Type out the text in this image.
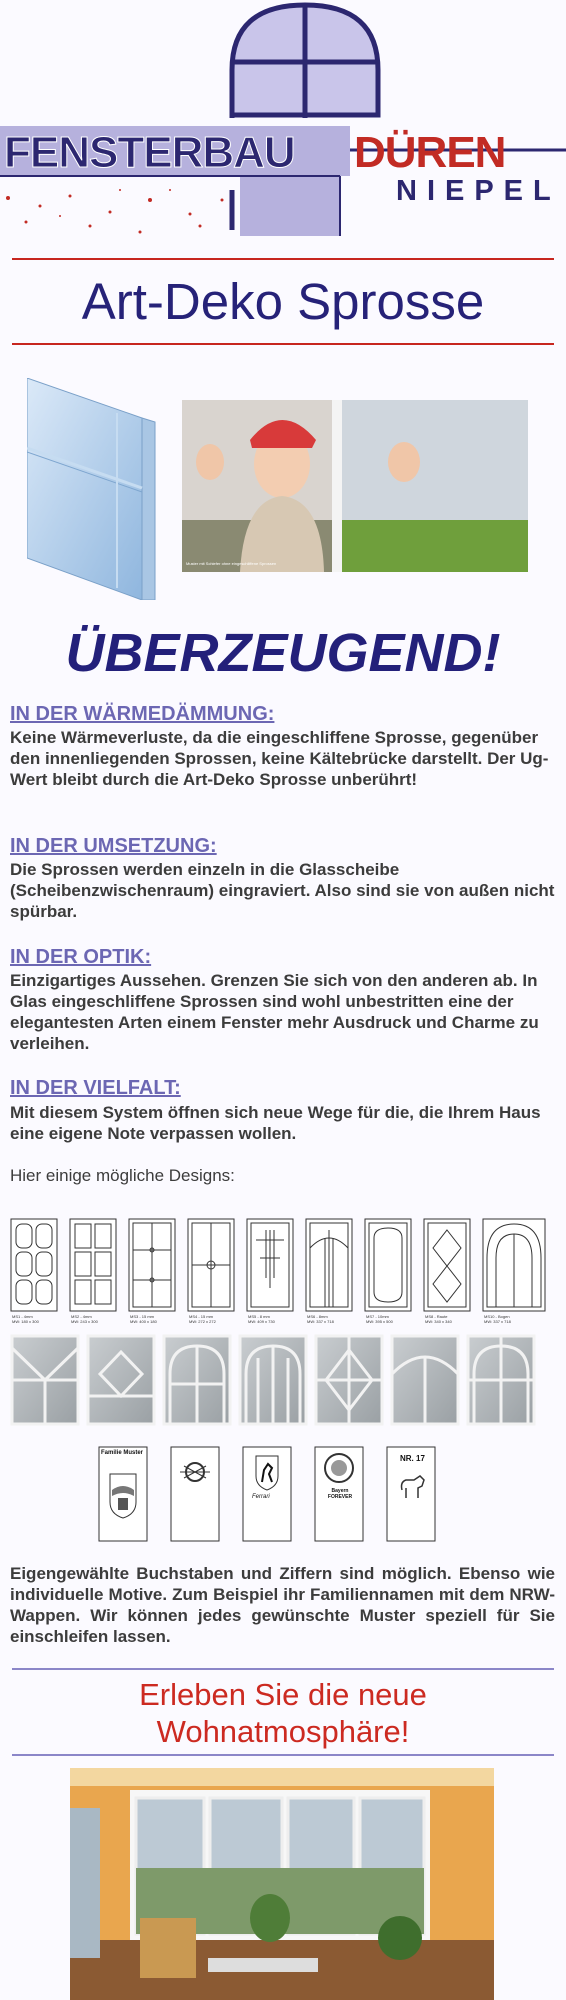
FENSTERBAU DÜREN
NIEPEL
Art-Deko Sprosse
Muster mit Schiefer ohne eingeschliffene Sprossen
ÜBERZEUGEND!
IN DER WÄRMEDÄMMUNG:

Keine Wärmeverluste, da die eingeschliffene Sprosse, gegenüber den innenliegenden Sprossen, keine Kältebrücke darstellt. Der Ug-Wert bleibt durch die Art-Deko Sprosse unberührt!

IN DER UMSETZUNG:

Die Sprossen werden einzeln in die Glasscheibe (Scheibenzwischenraum) eingraviert. Also sind sie von außen nicht spürbar.

IN DER OPTIK:

Einzigartiges Aussehen. Grenzen Sie sich von den anderen ab. In Glas eingeschliffene Sprossen sind wohl unbestritten eine der elegantesten Arten einem Fenster mehr Ausdruck und Charme zu verleihen.

IN DER VIELFALT:

Mit diesem System öffnen sich neue Wege für die, die Ihrem Haus eine eigene Note verpassen wollen.

Hier einige mögliche Designs:
MS1 - 4mm
MW: 180 x 300
MS2 - 4mm
MW: 243 x 300
MS3 - 15 mm
MW: 400 x 180
MS4 - 15 mm
MW: 272 x 272
MS5 - 8 mm
MW: 409 x 730
MS6 - 8mm
MW: 337 x 718
MS7 - 10mm
MW: 395 x 500
MS8 - Raute
MW: 340 x 340
MS10 - Bogen
MW: 337 x 718
Familie Muster
Ferrari
Bayern FOREVER
NR. 17
Eigengewählte Buchstaben und Ziffern sind möglich. Ebenso wie individuelle Motive. Zum Beispiel ihr Familiennamen mit dem NRW-Wappen. Wir können jedes gewünschte Muster speziell für Sie einschleifen lassen.
Erleben Sie die neue
Wohnatmosphäre!
